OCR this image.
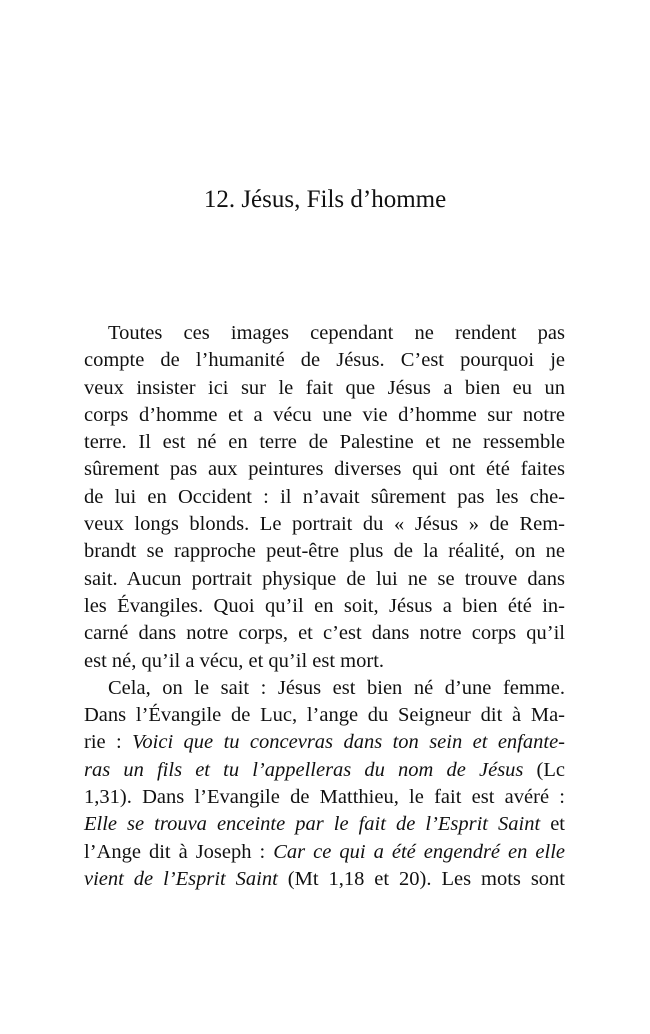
12. Jésus, Fils d’homme
Toutes ces images cependant ne rendent pas
compte de l’humanité de Jésus. C’est pourquoi je
veux insister ici sur le fait que Jésus a bien eu un
corps d’homme et a vécu une vie d’homme sur notre
terre. Il est né en terre de Palestine et ne ressemble
sûrement pas aux peintures diverses qui ont été faites
de lui en Occident : il n’avait sûrement pas les che-
veux longs blonds. Le portrait du « Jésus » de Rem-
brandt se rapproche peut-être plus de la réalité, on ne
sait. Aucun portrait physique de lui ne se trouve dans
les Évangiles. Quoi qu’il en soit, Jésus a bien été in-
carné dans notre corps, et c’est dans notre corps qu’il
est né, qu’il a vécu, et qu’il est mort.
Cela, on le sait : Jésus est bien né d’une femme.
Dans l’Évangile de Luc, l’ange du Seigneur dit à Ma-
rie : Voici que tu concevras dans ton sein et enfante-
ras un fils et tu l’appelleras du nom de Jésus (Lc
1,31). Dans l’Evangile de Matthieu, le fait est avéré :
Elle se trouva enceinte par le fait de l’Esprit Saint et
l’Ange dit à Joseph : Car ce qui a été engendré en elle
vient de l’Esprit Saint (Mt 1,18 et 20). Les mots sont
